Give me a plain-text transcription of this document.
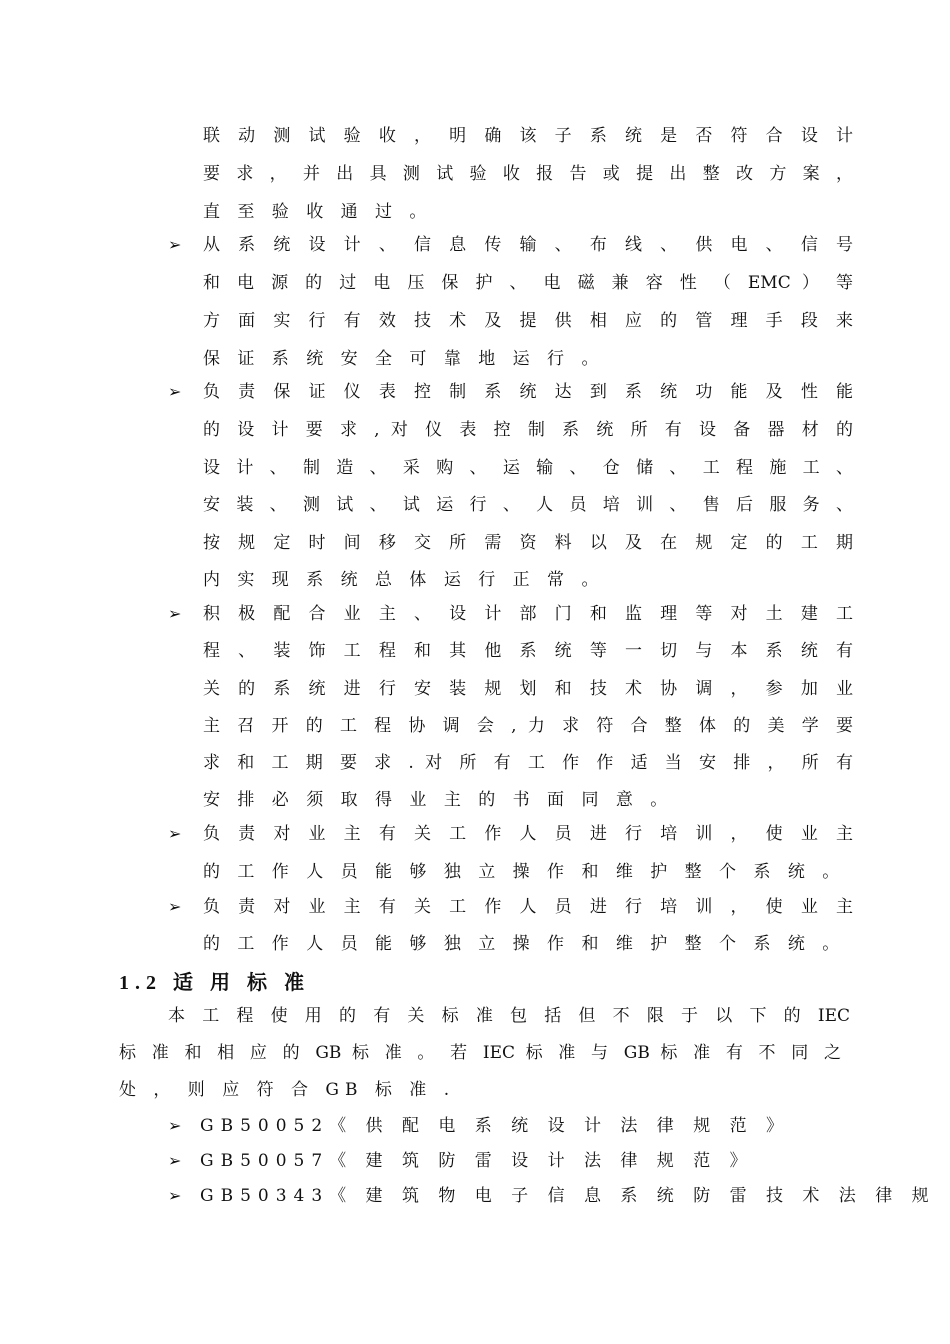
联 动 测 试 验 收 ， 明 确 该 子 系 统 是 否 符 合 设 计
要 求 ， 并 出 具 测 试 验 收 报 告 或 提 出 整 改 方 案 ，
直 至 验 收 通 过 。
➢ 从 系 统 设 计 、 信 息 传 输 、 布 线 、 供 电 、 信 号
和 电 源 的 过 电 压 保 护 、 电 磁 兼 容 性 （ EMC ） 等
方 面 实 行 有 效 技 术 及 提 供 相 应 的 管 理 手 段 来
保 证 系 统 安 全 可 靠 地 运 行 。
➢ 负 责 保 证 仪 表 控 制 系 统 达 到 系 统 功 能 及 性 能
的 设 计 要 求 , 对 仪 表 控 制 系 统 所 有 设 备 器 材 的
设 计 、 制 造 、 采 购 、 运 输 、 仓 储 、 工 程 施 工 、
安 装 、 测 试 、 试 运 行 、 人 员 培 训 、 售 后 服 务 、
按 规 定 时 间 移 交 所 需 资 料 以 及 在 规 定 的 工 期
内 实 现 系 统 总 体 运 行 正 常 。
➢ 积 极 配 合 业 主 、 设 计 部 门 和 监 理 等 对 土 建 工
程 、 装 饰 工 程 和 其 他 系 统 等 一 切 与 本 系 统 有
关 的 系 统 进 行 安 装 规 划 和 技 术 协 调 ， 参 加 业
主 召 开 的 工 程 协 调 会 , 力 求 符 合 整 体 的 美 学 要
求 和 工 期 要 求 . 对 所 有 工 作 作 适 当 安 排 ， 所 有
安 排 必 须 取 得 业 主 的 书 面 同 意 。
➢ 负 责 对 业 主 有 关 工 作 人 员 进 行 培 训 ， 使 业 主
的 工 作 人 员 能 够 独 立 操 作 和 维 护 整 个 系 统 。
➢ 负 责 对 业 主 有 关 工 作 人 员 进 行 培 训 ， 使 业 主
的 工 作 人 员 能 够 独 立 操 作 和 维 护 整 个 系 统 。
1.2 适 用 标 准
本 工 程 使 用 的 有 关 标 准 包 括 但 不 限 于 以 下 的 IEC
标 准 和 相 应 的 GB 标 准 。 若 IEC 标 准 与 GB 标 准 有 不 同 之
处 ， 则 应 符 合 GB 标 准 .
➢ GB50052《 供 配 电 系 统 设 计 法 律 规 范 》
➢ GB50057《 建 筑 防 雷 设 计 法 律 规 范 》
➢ GB50343《 建 筑 物 电 子 信 息 系 统 防 雷 技 术 法 律 规
